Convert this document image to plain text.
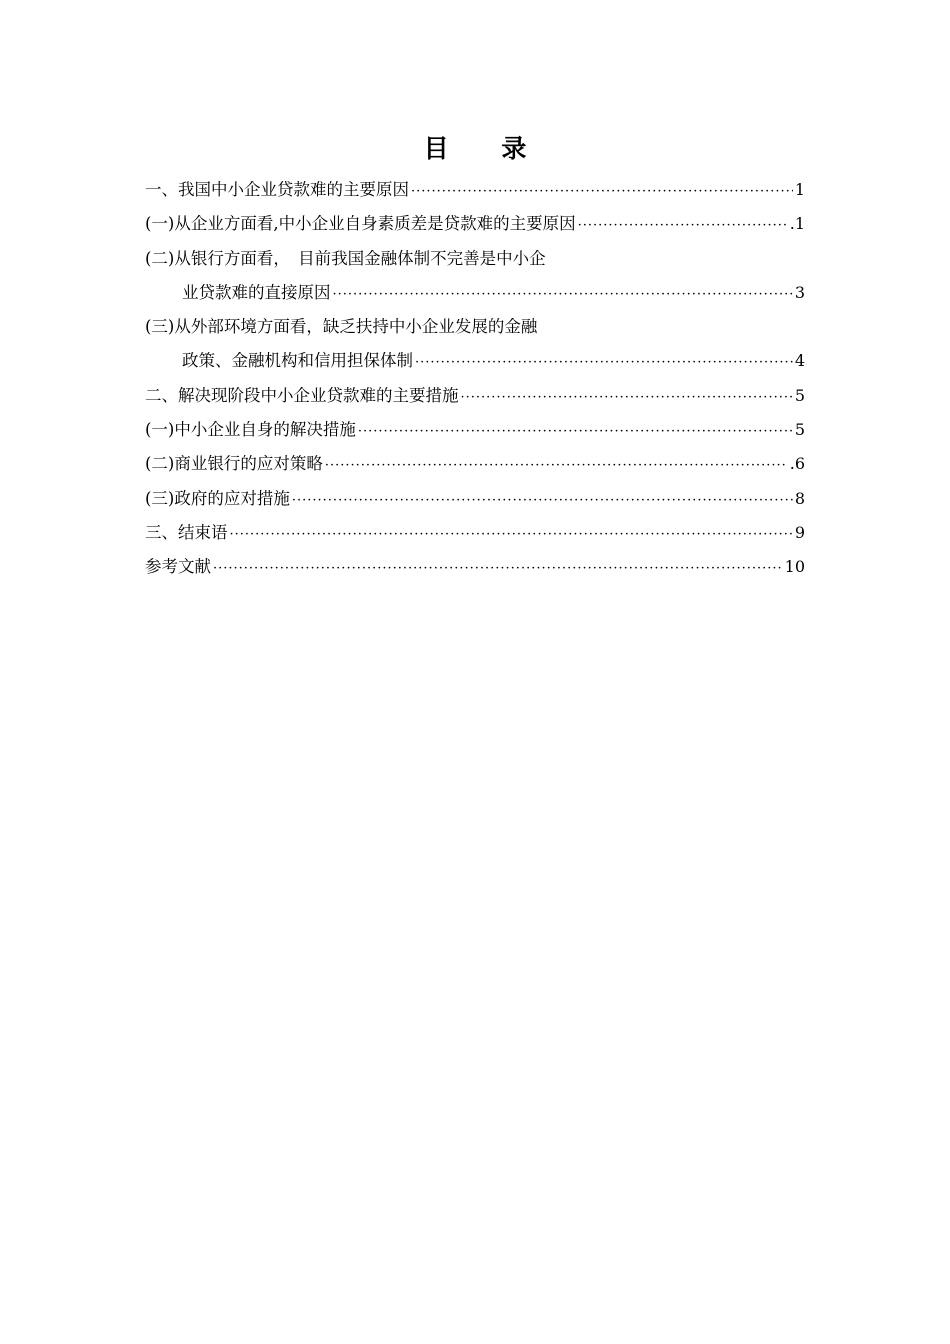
目 录
一、我国中小企业贷款难的主要原因 ·····	1
(一)从企业方面看,中小企业自身素质差是贷款难的主要原因 ·····	.1
(二)从银行方面看，　目前我国金融体制不完善是中小企
业贷款难的直接原因 ·····	3
(三)从外部环境方面看，缺乏扶持中小企业发展的金融
政策、金融机构和信用担保体制 ·····	4
二、解决现阶段中小企业贷款难的主要措施 ·····	5
(一)中小企业自身的解决措施 ·····	5
(二)商业银行的应对策略 ·····	.6
(三)政府的应对措施 ·····	8
三、结束语 ·····	9
参考文献 ·····	10
